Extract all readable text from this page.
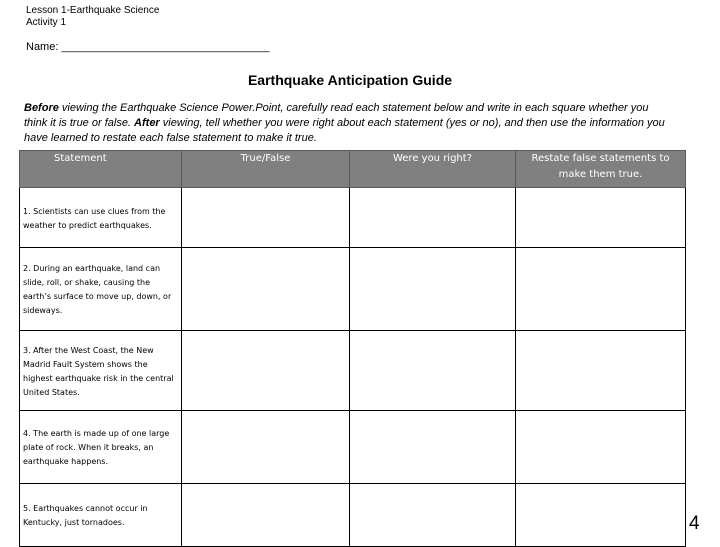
Lesson 1-Earthquake Science
Activity 1
Name: __________________________________
Earthquake Anticipation Guide
Before viewing the Earthquake Science Power.Point, carefully read each statement below and write in each square whether you think it is true or false. After viewing, tell whether you were right about each statement (yes or no), and then use the information you have learned to restate each false statement to make it true.
Statement	True/False	Were you right?	Restate false statements to make them true.
1. Scientists can use clues from the weather to predict earthquakes.			
2. During an earthquake, land can slide, roll, or shake, causing the earth’s surface to move up, down, or sideways.			
3. After the West Coast, the New Madrid Fault System shows the highest earthquake risk in the central United States.			
4. The earth is made up of one large plate of rock. When it breaks, an earthquake happens.			
5. Earthquakes cannot occur in Kentucky, just tornadoes.				4
